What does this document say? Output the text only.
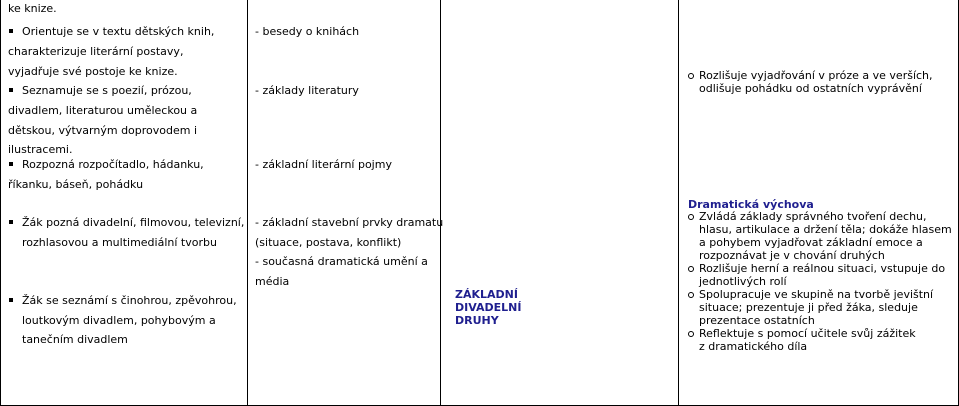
ke knize.
Orientuje se v textu dětských knih,
charakterizuje literární postavy,
vyjadřuje své postoje ke knize.
Seznamuje se s poezií, prózou,
divadlem, literaturou uměleckou a
dětskou, výtvarným doprovodem i
ilustracemi.
Rozpozná rozpočítadlo, hádanku,
říkanku, báseň, pohádku
Žák pozná divadelní, filmovou, televizní,
rozhlasovou a multimediální tvorbu
Žák se seznámí s činohrou, zpěvohrou,
loutkovým divadlem, pohybovým a
tanečním divadlem
- besedy o knihách
- základy literatury
- základní literární pojmy
- základní stavební prvky dramatu
(situace, postava, konflikt)
- současná dramatická umění a
média
ZÁKLADNÍ
DIVADELNÍ
DRUHY
Rozlišuje vyjadřování v próze a ve verších,
odlišuje pohádku od ostatních vyprávění
Dramatická výchova
Zvládá základy správného tvoření dechu,
hlasu, artikulace a držení těla; dokáže hlasem
a pohybem vyjadřovat základní emoce a
rozpoznávat je v chování druhých
Rozlišuje herní a reálnou situaci, vstupuje do
jednotlivých rolí
Spolupracuje ve skupině na tvorbě jevištní
situace; prezentuje ji před žáka, sleduje
prezentace ostatních
Reflektuje s pomocí učitele svůj zážitek
z dramatického díla
